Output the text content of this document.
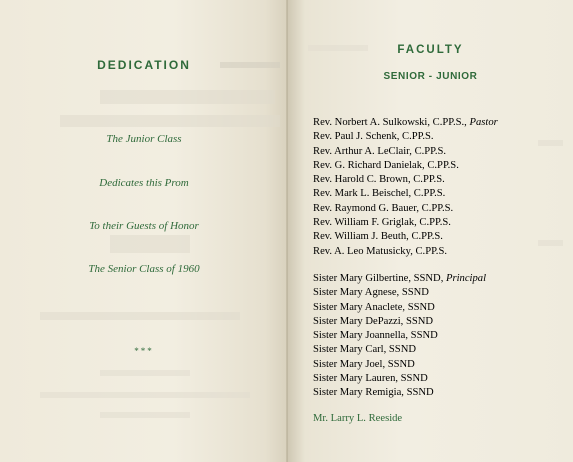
DEDICATION
The Junior Class
Dedicates this Prom
To their Guests of Honor
The Senior Class of 1960
***
FACULTY
SENIOR - JUNIOR
Rev. Norbert A. Sulkowski, C.PP.S., Pastor
Rev. Paul J. Schenk, C.PP.S.
Rev. Arthur A. LeClair, C.PP.S.
Rev. G. Richard Danielak, C.PP.S.
Rev. Harold C. Brown, C.PP.S.
Rev. Mark L. Beischel, C.PP.S.
Rev. Raymond G. Bauer, C.PP.S.
Rev. William F. Griglak, C.PP.S.
Rev. William J. Beuth, C.PP.S.
Rev. A. Leo Matusicky, C.PP.S.
Sister Mary Gilbertine, SSND, Principal
Sister Mary Agnese, SSND
Sister Mary Anaclete, SSND
Sister Mary DePazzi, SSND
Sister Mary Joannella, SSND
Sister Mary Carl, SSND
Sister Mary Joel, SSND
Sister Mary Lauren, SSND
Sister Mary Remigia, SSND
Mr. Larry L. Reeside
